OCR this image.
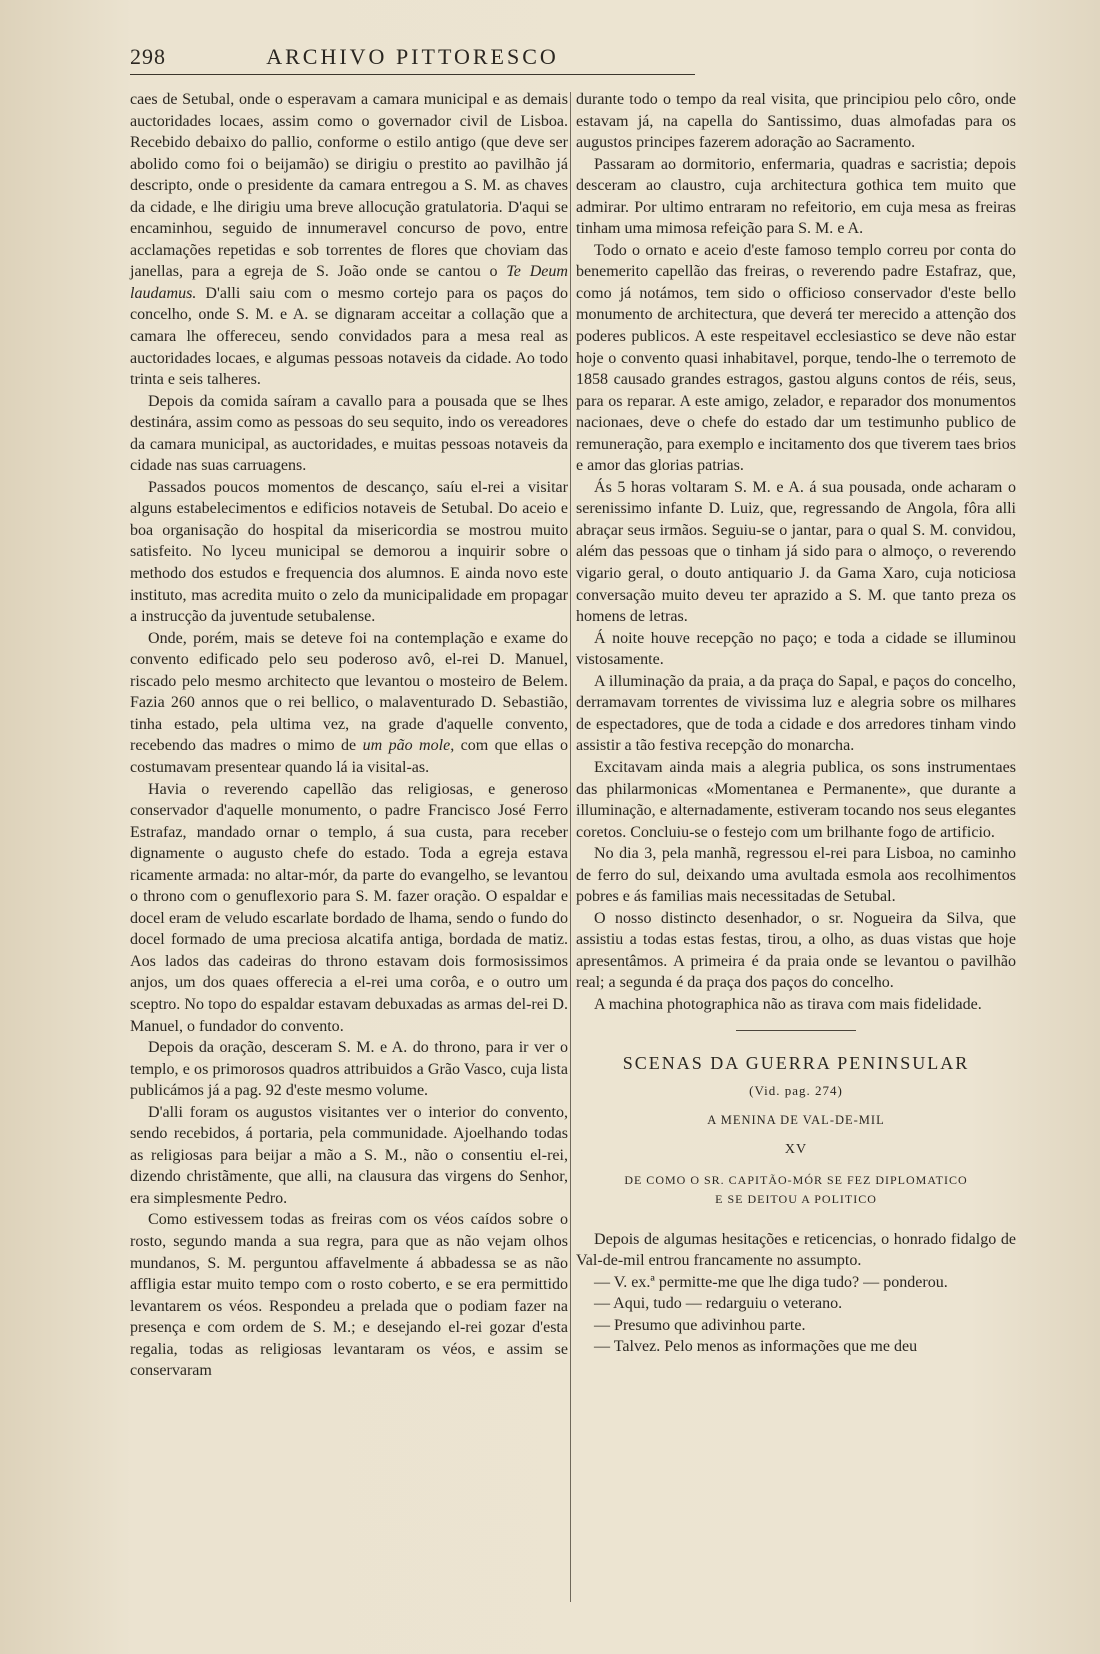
298	ARCHIVO PITTORESCO

caes de Setubal, onde o esperavam a camara municipal e as demais auctoridades locaes, assim como o governador civil de Lisboa. Recebido debaixo do pallio, conforme o estilo antigo (que deve ser abolido como foi o beijamão) se dirigiu o prestito ao pavilhão já descripto, onde o presidente da camara entregou a S. M. as chaves da cidade, e lhe dirigiu uma breve allocução gratulatoria. D'aqui se encaminhou, seguido de innumeravel concurso de povo, entre acclamações repetidas e sob torrentes de flores que choviam das janellas, para a egreja de S. João onde se cantou o Te Deum laudamus. D'alli saiu com o mesmo cortejo para os paços do concelho, onde S. M. e A. se dignaram acceitar a collação que a camara lhe offereceu, sendo convidados para a mesa real as auctoridades locaes, e algumas pessoas notaveis da cidade. Ao todo trinta e seis talheres.

Depois da comida saíram a cavallo para a pousada que se lhes destinára, assim como as pessoas do seu sequito, indo os vereadores da camara municipal, as auctoridades, e muitas pessoas notaveis da cidade nas suas carruagens.

Passados poucos momentos de descanço, saíu el-rei a visitar alguns estabelecimentos e edificios notaveis de Setubal. Do aceio e boa organisação do hospital da misericordia se mostrou muito satisfeito. No lyceu municipal se demorou a inquirir sobre o methodo dos estudos e frequencia dos alumnos. E ainda novo este instituto, mas acredita muito o zelo da municipalidade em propagar a instrucção da juventude setubalense.

Onde, porém, mais se deteve foi na contemplação e exame do convento edificado pelo seu poderoso avô, el-rei D. Manuel, riscado pelo mesmo architecto que levantou o mosteiro de Belem. Fazia 260 annos que o rei bellico, o malaventurado D. Sebastião, tinha estado, pela ultima vez, na grade d'aquelle convento, recebendo das madres o mimo de um pão mole, com que ellas o costumavam presentear quando lá ia visital-as.

Havia o reverendo capellão das religiosas, e generoso conservador d'aquelle monumento, o padre Francisco José Ferro Estrafaz, mandado ornar o templo, á sua custa, para receber dignamente o augusto chefe do estado. Toda a egreja estava ricamente armada: no altar-mór, da parte do evangelho, se levantou o throno com o genuflexorio para S. M. fazer oração. O espaldar e docel eram de veludo escarlate bordado de lhama, sendo o fundo do docel formado de uma preciosa alcatifa antiga, bordada de matiz. Aos lados das cadeiras do throno estavam dois formosissimos anjos, um dos quaes offerecia a el-rei uma corôa, e o outro um sceptro. No topo do espaldar estavam debuxadas as armas del-rei D. Manuel, o fundador do convento.

Depois da oração, desceram S. M. e A. do throno, para ir ver o templo, e os primorosos quadros attribuidos a Grão Vasco, cuja lista publicámos já a pag. 92 d'este mesmo volume.

D'alli foram os augustos visitantes ver o interior do convento, sendo recebidos, á portaria, pela communidade. Ajoelhando todas as religiosas para beijar a mão a S. M., não o consentiu el-rei, dizendo christãmente, que alli, na clausura das virgens do Senhor, era simplesmente Pedro.

Como estivessem todas as freiras com os véos caídos sobre o rosto, segundo manda a sua regra, para que as não vejam olhos mundanos, S. M. perguntou affavelmente á abbadessa se as não affligia estar muito tempo com o rosto coberto, e se era permittido levantarem os véos. Respondeu a prelada que o podiam fazer na presença e com ordem de S. M.; e desejando el-rei gozar d'esta regalia, todas as religiosas levantaram os véos, e assim se conservaram

durante todo o tempo da real visita, que principiou pelo côro, onde estavam já, na capella do Santissimo, duas almofadas para os augustos principes fazerem adoração ao Sacramento.

Passaram ao dormitorio, enfermaria, quadras e sacristia; depois desceram ao claustro, cuja architectura gothica tem muito que admirar. Por ultimo entraram no refeitorio, em cuja mesa as freiras tinham uma mimosa refeição para S. M. e A.

Todo o ornato e aceio d'este famoso templo correu por conta do benemerito capellão das freiras, o reverendo padre Estafraz, que, como já notámos, tem sido o officioso conservador d'este bello monumento de architectura, que deverá ter merecido a attenção dos poderes publicos. A este respeitavel ecclesiastico se deve não estar hoje o convento quasi inhabitavel, porque, tendo-lhe o terremoto de 1858 causado grandes estragos, gastou alguns contos de réis, seus, para os reparar. A este amigo, zelador, e reparador dos monumentos nacionaes, deve o chefe do estado dar um testimunho publico de remuneração, para exemplo e incitamento dos que tiverem taes brios e amor das glorias patrias.

Ás 5 horas voltaram S. M. e A. á sua pousada, onde acharam o serenissimo infante D. Luiz, que, regressando de Angola, fôra alli abraçar seus irmãos. Seguiu-se o jantar, para o qual S. M. convidou, além das pessoas que o tinham já sido para o almoço, o reverendo vigario geral, o douto antiquario J. da Gama Xaro, cuja noticiosa conversação muito deveu ter aprazido a S. M. que tanto preza os homens de letras.

Á noite houve recepção no paço; e toda a cidade se illuminou vistosamente.

A illuminação da praia, a da praça do Sapal, e paços do concelho, derramavam torrentes de vivissima luz e alegria sobre os milhares de espectadores, que de toda a cidade e dos arredores tinham vindo assistir a tão festiva recepção do monarcha.

Excitavam ainda mais a alegria publica, os sons instrumentaes das philarmonicas «Momentanea e Permanente», que durante a illuminação, e alternadamente, estiveram tocando nos seus elegantes coretos. Concluiu-se o festejo com um brilhante fogo de artificio.

No dia 3, pela manhã, regressou el-rei para Lisboa, no caminho de ferro do sul, deixando uma avultada esmola aos recolhimentos pobres e ás familias mais necessitadas de Setubal.

O nosso distincto desenhador, o sr. Nogueira da Silva, que assistiu a todas estas festas, tirou, a olho, as duas vistas que hoje apresentâmos. A primeira é da praia onde se levantou o pavilhão real; a segunda é da praça dos paços do concelho.

A machina photographica não as tirava com mais fidelidade.

SCENAS DA GUERRA PENINSULAR
(Vid. pag. 274)
A MENINA DE VAL-DE-MIL
XV
DE COMO O SR. CAPITÃO-MÓR SE FEZ DIPLOMATICO
E SE DEITOU A POLITICO

Depois de algumas hesitações e reticencias, o honrado fidalgo de Val-de-mil entrou francamente no assumpto.

— V. ex.ª permitte-me que lhe diga tudo? — ponderou.

— Aqui, tudo — redarguiu o veterano.

— Presumo que adivinhou parte.

— Talvez. Pelo menos as informações que me deu
